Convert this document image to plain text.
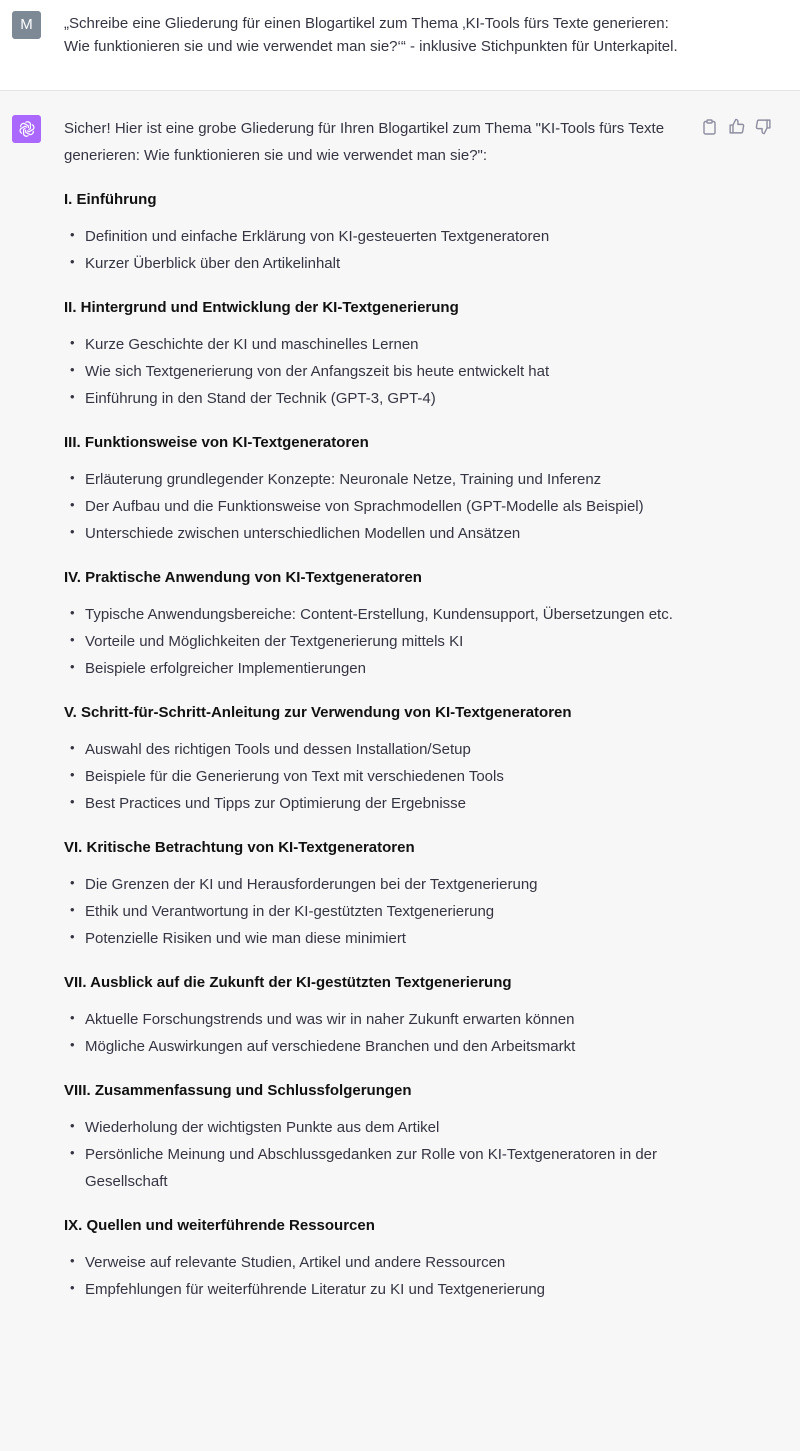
M	„Schreibe eine Gliederung für einen Blogartikel zum Thema ‚KI-Tools fürs Texte generieren:
Wie funktionieren sie und wie verwendet man sie?‘“ - inklusive Stichpunkten für Unterkapitel.

Sicher! Hier ist eine grobe Gliederung für Ihren Blogartikel zum Thema "KI-Tools fürs Texte generieren: Wie funktionieren sie und wie verwendet man sie?":

I. Einführung

• Definition und einfache Erklärung von KI-gesteuerten Textgeneratoren
• Kurzer Überblick über den Artikelinhalt

II. Hintergrund und Entwicklung der KI-Textgenerierung

• Kurze Geschichte der KI und maschinelles Lernen
• Wie sich Textgenerierung von der Anfangszeit bis heute entwickelt hat
• Einführung in den Stand der Technik (GPT-3, GPT-4)

III. Funktionsweise von KI-Textgeneratoren

• Erläuterung grundlegender Konzepte: Neuronale Netze, Training und Inferenz
• Der Aufbau und die Funktionsweise von Sprachmodellen (GPT-Modelle als Beispiel)
• Unterschiede zwischen unterschiedlichen Modellen und Ansätzen

IV. Praktische Anwendung von KI-Textgeneratoren

• Typische Anwendungsbereiche: Content-Erstellung, Kundensupport, Übersetzungen etc.
• Vorteile und Möglichkeiten der Textgenerierung mittels KI
• Beispiele erfolgreicher Implementierungen

V. Schritt-für-Schritt-Anleitung zur Verwendung von KI-Textgeneratoren

• Auswahl des richtigen Tools und dessen Installation/Setup
• Beispiele für die Generierung von Text mit verschiedenen Tools
• Best Practices und Tipps zur Optimierung der Ergebnisse

VI. Kritische Betrachtung von KI-Textgeneratoren

• Die Grenzen der KI und Herausforderungen bei der Textgenerierung
• Ethik und Verantwortung in der KI-gestützten Textgenerierung
• Potenzielle Risiken und wie man diese minimiert

VII. Ausblick auf die Zukunft der KI-gestützten Textgenerierung

• Aktuelle Forschungstrends und was wir in naher Zukunft erwarten können
• Mögliche Auswirkungen auf verschiedene Branchen und den Arbeitsmarkt

VIII. Zusammenfassung und Schlussfolgerungen

• Wiederholung der wichtigsten Punkte aus dem Artikel
• Persönliche Meinung und Abschlussgedanken zur Rolle von KI-Textgeneratoren in der Gesellschaft

IX. Quellen und weiterführende Ressourcen

• Verweise auf relevante Studien, Artikel und andere Ressourcen
• Empfehlungen für weiterführende Literatur zu KI und Textgenerierung
